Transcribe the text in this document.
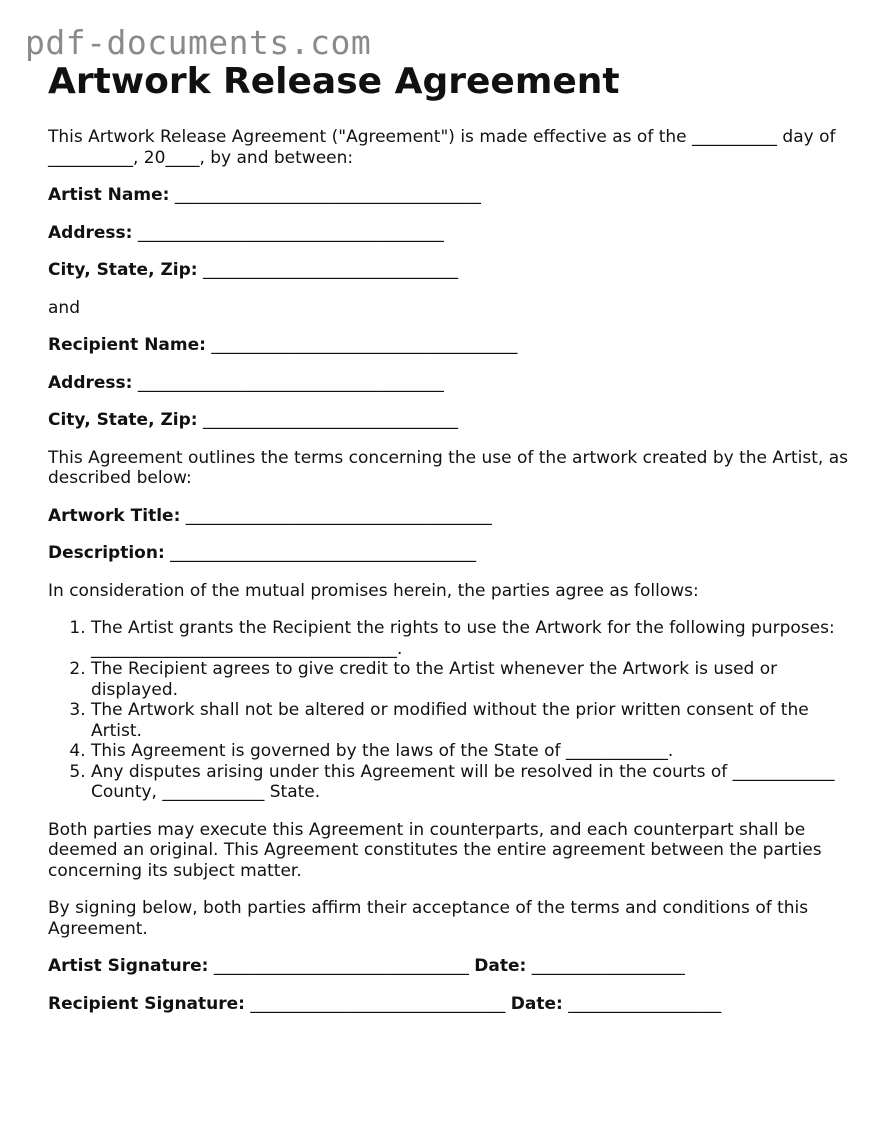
pdf-documents.com
Artwork Release Agreement

This Artwork Release Agreement ("Agreement") is made effective as of the __________ day of __________, 20____, by and between:

Artist Name: ____________________________________

Address: ____________________________________

City, State, Zip: ______________________________

and

Recipient Name: ____________________________________

Address: ____________________________________

City, State, Zip: ______________________________

This Agreement outlines the terms concerning the use of the artwork created by the Artist, as described below:

Artwork Title: ____________________________________

Description: ____________________________________

In consideration of the mutual promises herein, the parties agree as follows:

1. The Artist grants the Recipient the rights to use the Artwork for the following purposes: ____________________________________.
2. The Recipient agrees to give credit to the Artist whenever the Artwork is used or displayed.
3. The Artwork shall not be altered or modified without the prior written consent of the Artist.
4. This Agreement is governed by the laws of the State of ____________.
5. Any disputes arising under this Agreement will be resolved in the courts of ____________ County, ____________ State.

Both parties may execute this Agreement in counterparts, and each counterpart shall be deemed an original. This Agreement constitutes the entire agreement between the parties concerning its subject matter.

By signing below, both parties affirm their acceptance of the terms and conditions of this Agreement.

Artist Signature: ______________________________ Date: __________________

Recipient Signature: ______________________________ Date: __________________
